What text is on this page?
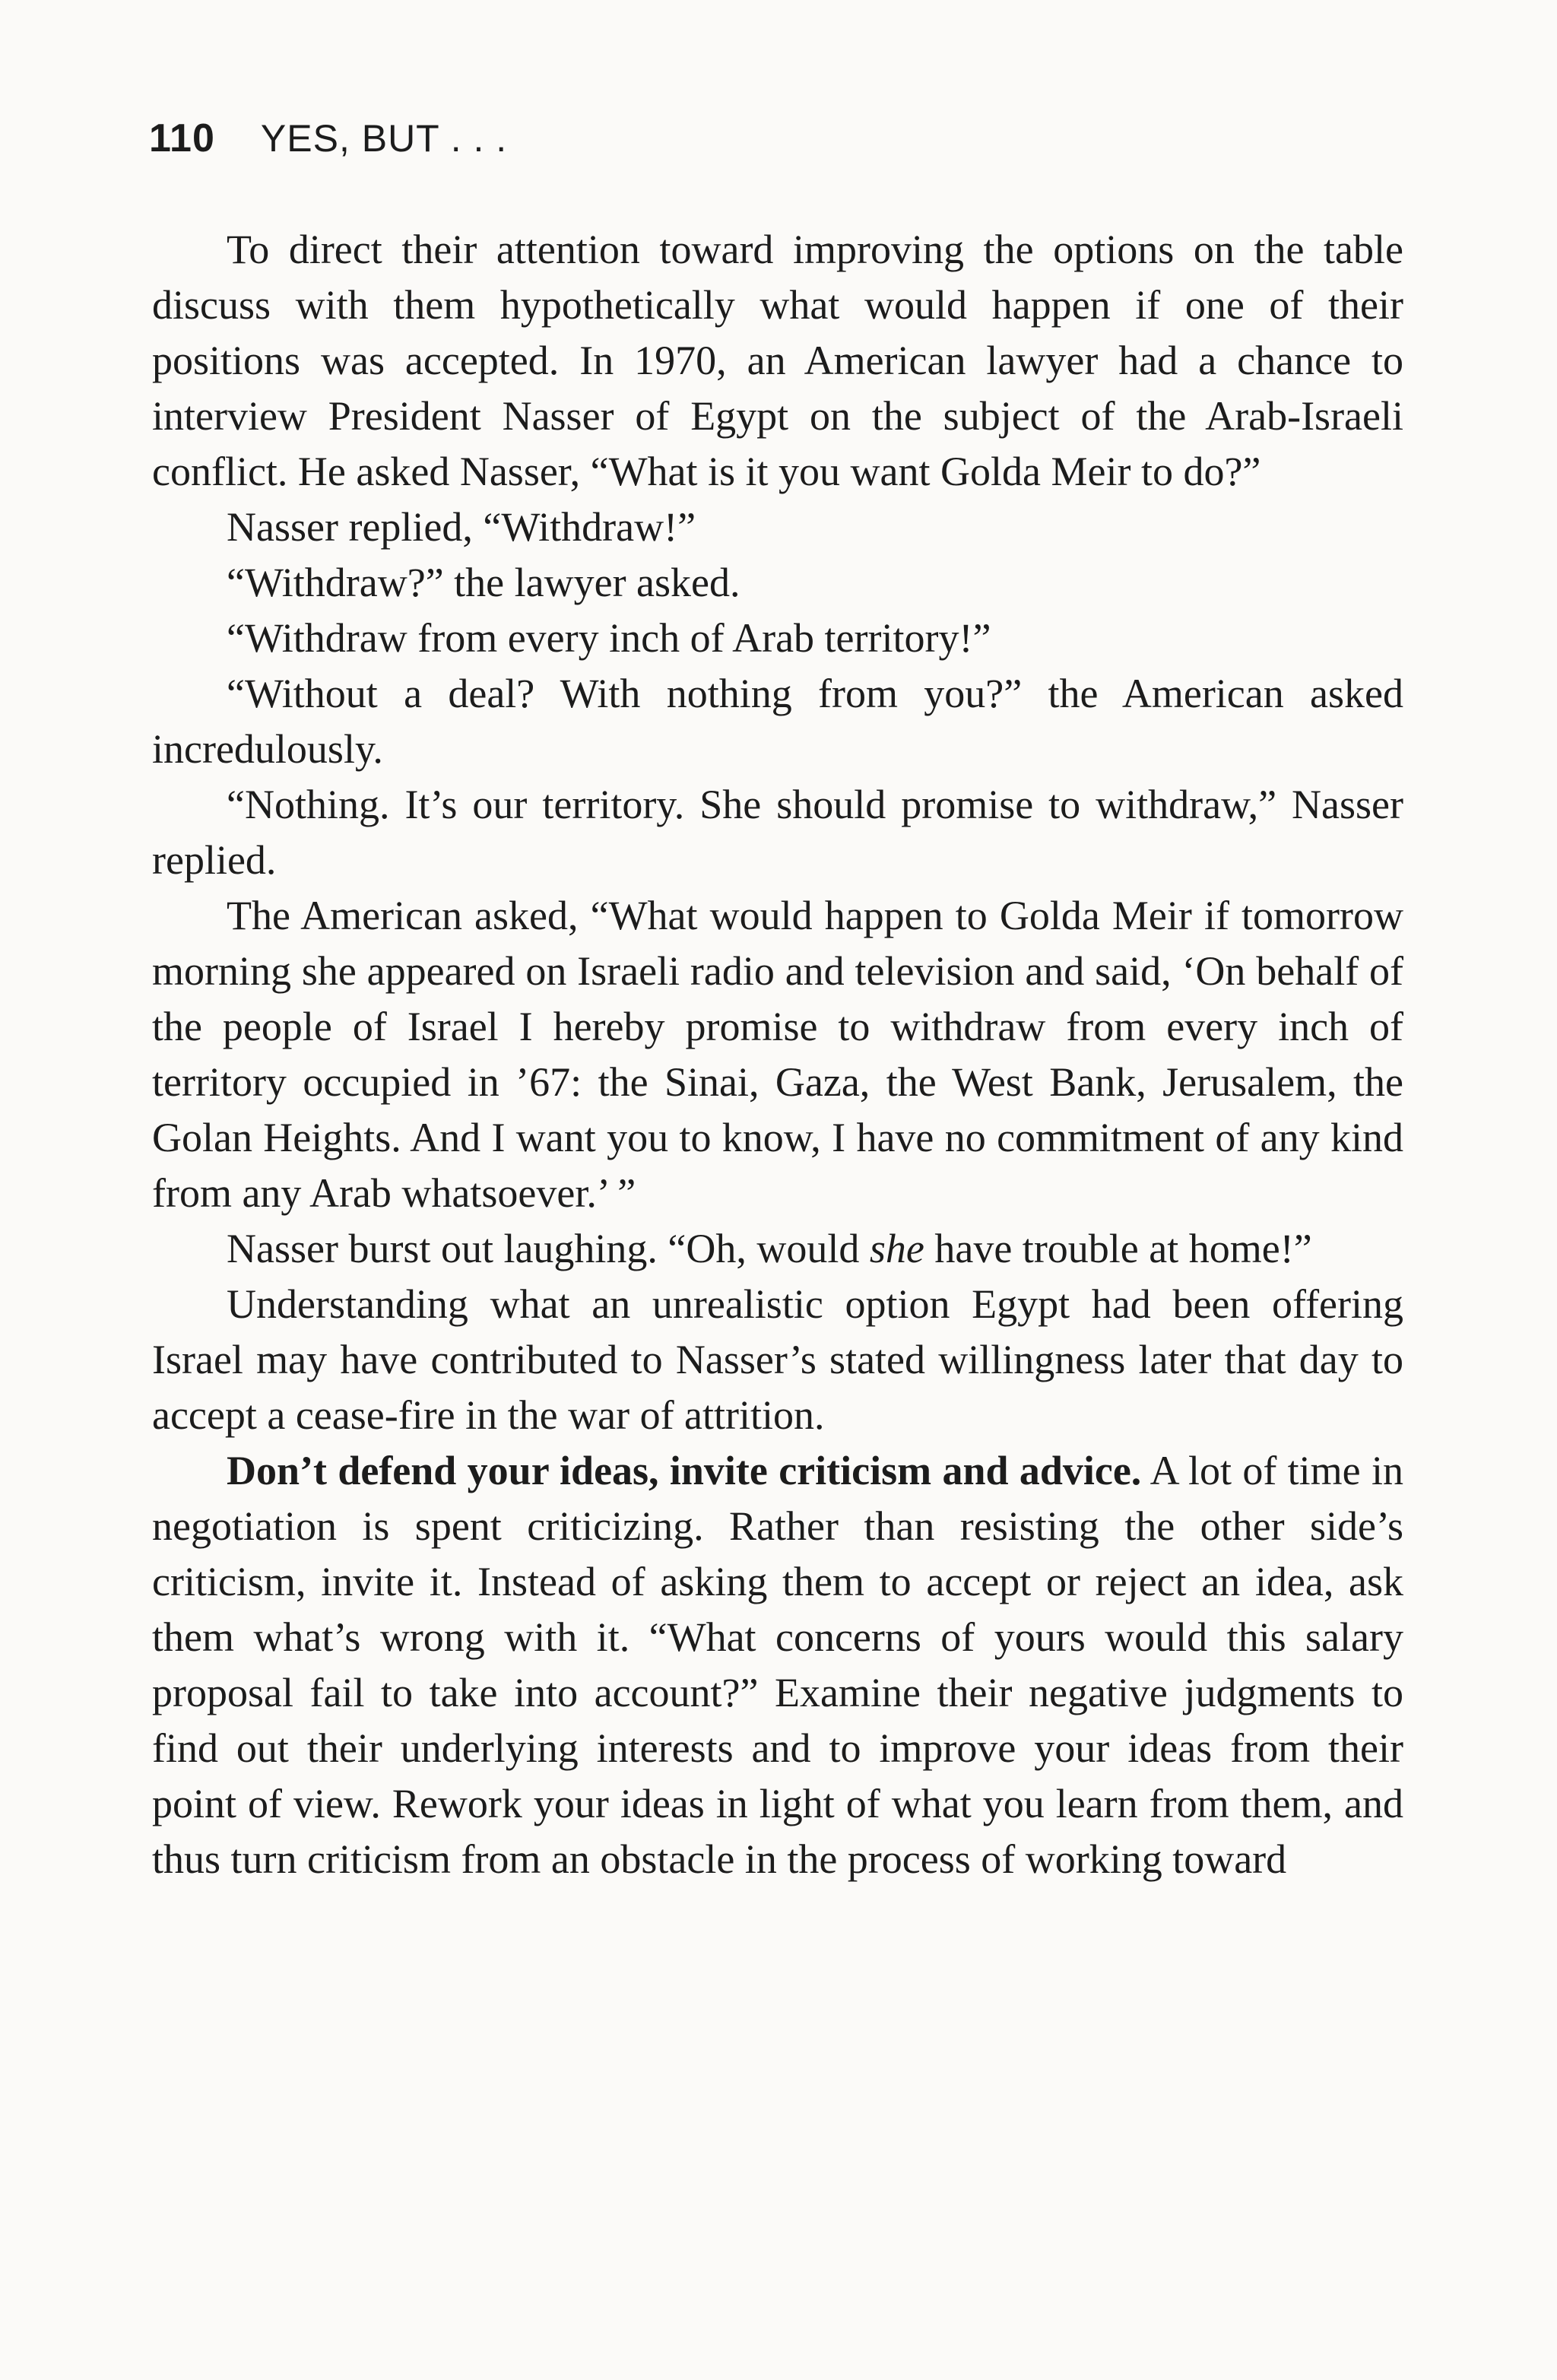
110 YES, BUT . . .

To direct their attention toward improving the options on the table discuss with them hypothetically what would happen if one of their positions was accepted. In 1970, an American lawyer had a chance to interview President Nasser of Egypt on the subject of the Arab-Israeli conflict. He asked Nasser, “What is it you want Golda Meir to do?”

Nasser replied, “Withdraw!”

“Withdraw?” the lawyer asked.

“Withdraw from every inch of Arab territory!”

“Without a deal? With nothing from you?” the American asked incredulously.

“Nothing. It’s our territory. She should promise to withdraw,” Nasser replied.

The American asked, “What would happen to Golda Meir if tomorrow morning she appeared on Israeli radio and television and said, ‘On behalf of the people of Israel I hereby promise to withdraw from every inch of territory occupied in ’67: the Sinai, Gaza, the West Bank, Jerusalem, the Golan Heights. And I want you to know, I have no commitment of any kind from any Arab whatsoever.’ ”

Nasser burst out laughing. “Oh, would she have trouble at home!”

Understanding what an unrealistic option Egypt had been offering Israel may have contributed to Nasser’s stated willingness later that day to accept a cease-fire in the war of attrition.

Don’t defend your ideas, invite criticism and advice. A lot of time in negotiation is spent criticizing. Rather than resisting the other side’s criticism, invite it. Instead of asking them to accept or reject an idea, ask them what’s wrong with it. “What concerns of yours would this salary proposal fail to take into account?” Examine their negative judgments to find out their underlying interests and to improve your ideas from their point of view. Rework your ideas in light of what you learn from them, and thus turn criticism from an obstacle in the process of working toward
